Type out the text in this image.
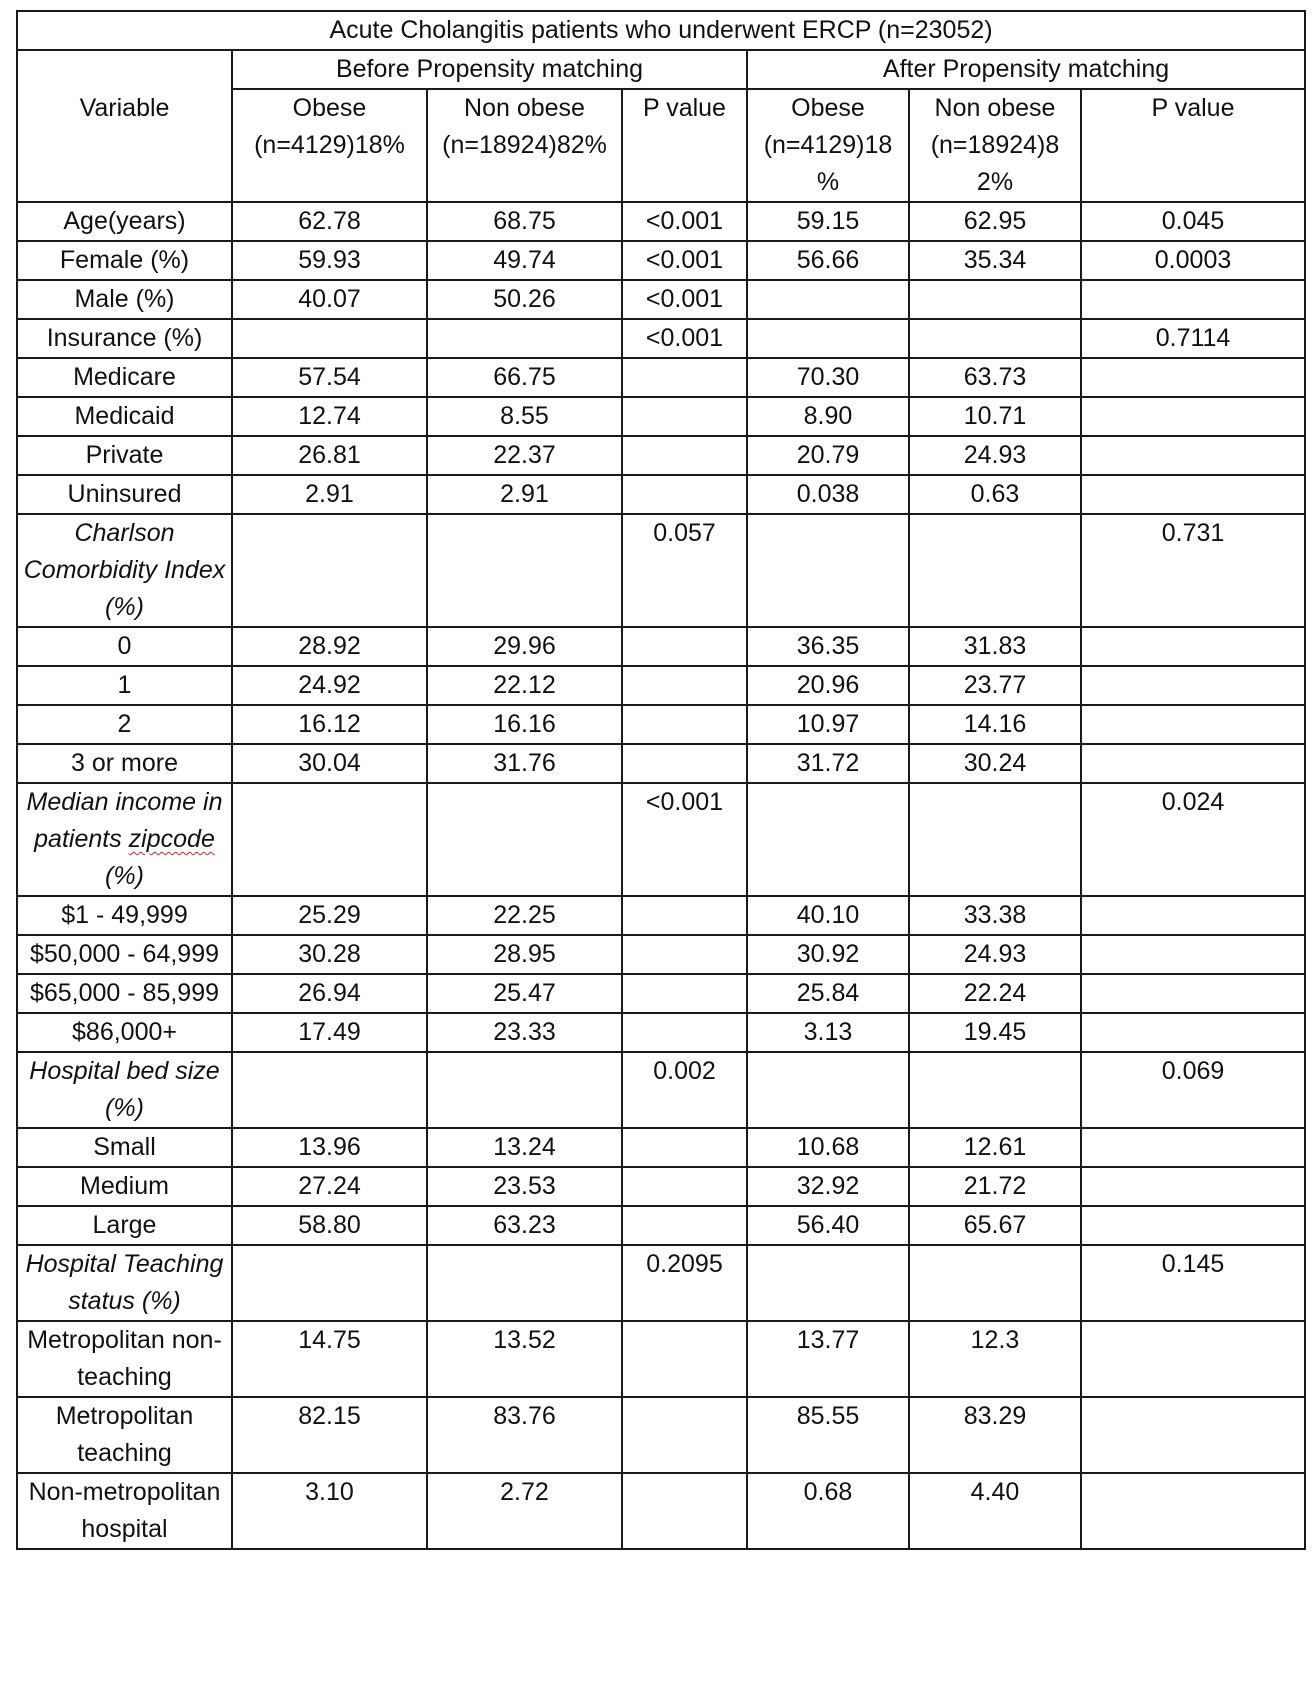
Acute Cholangitis patients who underwent ERCP (n=23052)						
	Before Propensity matching			After Propensity matching		
Variable	Obese (n=4129)18%	Non obese (n=18924)82%	P value	Obese (n=4129)18 %	Non obese (n=18924)8 2%	P value
Age(years)	62.78	68.75	<0.001	59.15	62.95	0.045
Female (%)	59.93	49.74	<0.001	56.66	35.34	0.0003
Male (%)	40.07	50.26	<0.001			
Insurance (%)			<0.001			0.7114
Medicare	57.54	66.75		70.30	63.73	
Medicaid	12.74	8.55		8.90	10.71	
Private	26.81	22.37		20.79	24.93	
Uninsured	2.91	2.91		0.038	0.63	
Charlson Comorbidity Index (%)			0.057			0.731
0	28.92	29.96		36.35	31.83	
1	24.92	22.12		20.96	23.77	
2	16.12	16.16		10.97	14.16	
3 or more	30.04	31.76		31.72	30.24	
Median income in patients zipcode (%)			<0.001			0.024
$1 - 49,999	25.29	22.25		40.10	33.38	
$50,000 - 64,999	30.28	28.95		30.92	24.93	
$65,000 - 85,999	26.94	25.47		25.84	22.24	
$86,000+	17.49	23.33		3.13	19.45	
Hospital bed size (%)			0.002			0.069
Small	13.96	13.24		10.68	12.61	
Medium	27.24	23.53		32.92	21.72	
Large	58.80	63.23		56.40	65.67	
Hospital Teaching status (%)			0.2095			0.145
Metropolitan non-teaching	14.75	13.52		13.77	12.3	
Metropolitan teaching	82.15	83.76		85.55	83.29	
Non-metropolitan hospital	3.10	2.72		0.68	4.40	
